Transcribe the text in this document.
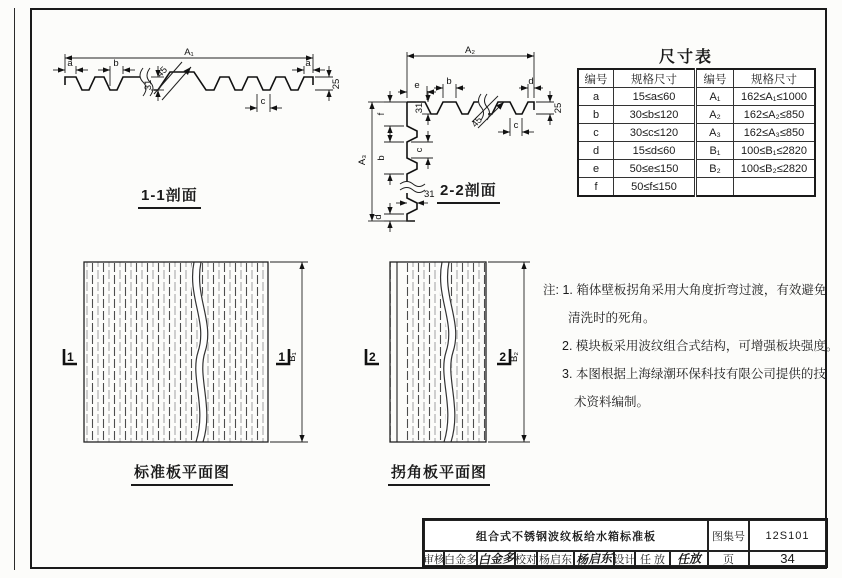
45
A₁
a	b	a
31
c
25
1-1剖面
45
A₂
e	b	d
25
31
c
f
b
c
31
d
A₃
2-2剖面
尺寸表
编号	规格尺寸	编号	规格尺寸
a	15≤a≤60	A₁	162≤A₁≤1000
b	30≤b≤120	A₂	162≤A₂≤850
c	30≤c≤120	A₃	162≤A₃≤850
d	15≤d≤60	B₁	100≤B₁≤2820
e	50≤e≤150	B₂	100≤B₂≤2820
f	50≤f≤150		
1	1 B₁
标准板平面图
2	2 B₂
拐角板平面图
注: 1. 箱体壁板拐角采用大角度折弯过渡，有效避免
清洗时的死角。
2. 模块板采用波纹组合式结构，可增强板块强度。
3. 本图根据上海绿潮环保科技有限公司提供的技
术资料编制。
组合式不锈钢波纹板给水箱标准板	图集号	12S101
审核 白金多 白金多 校对 杨启东 杨启东 设计 任 放 任放	页	34
